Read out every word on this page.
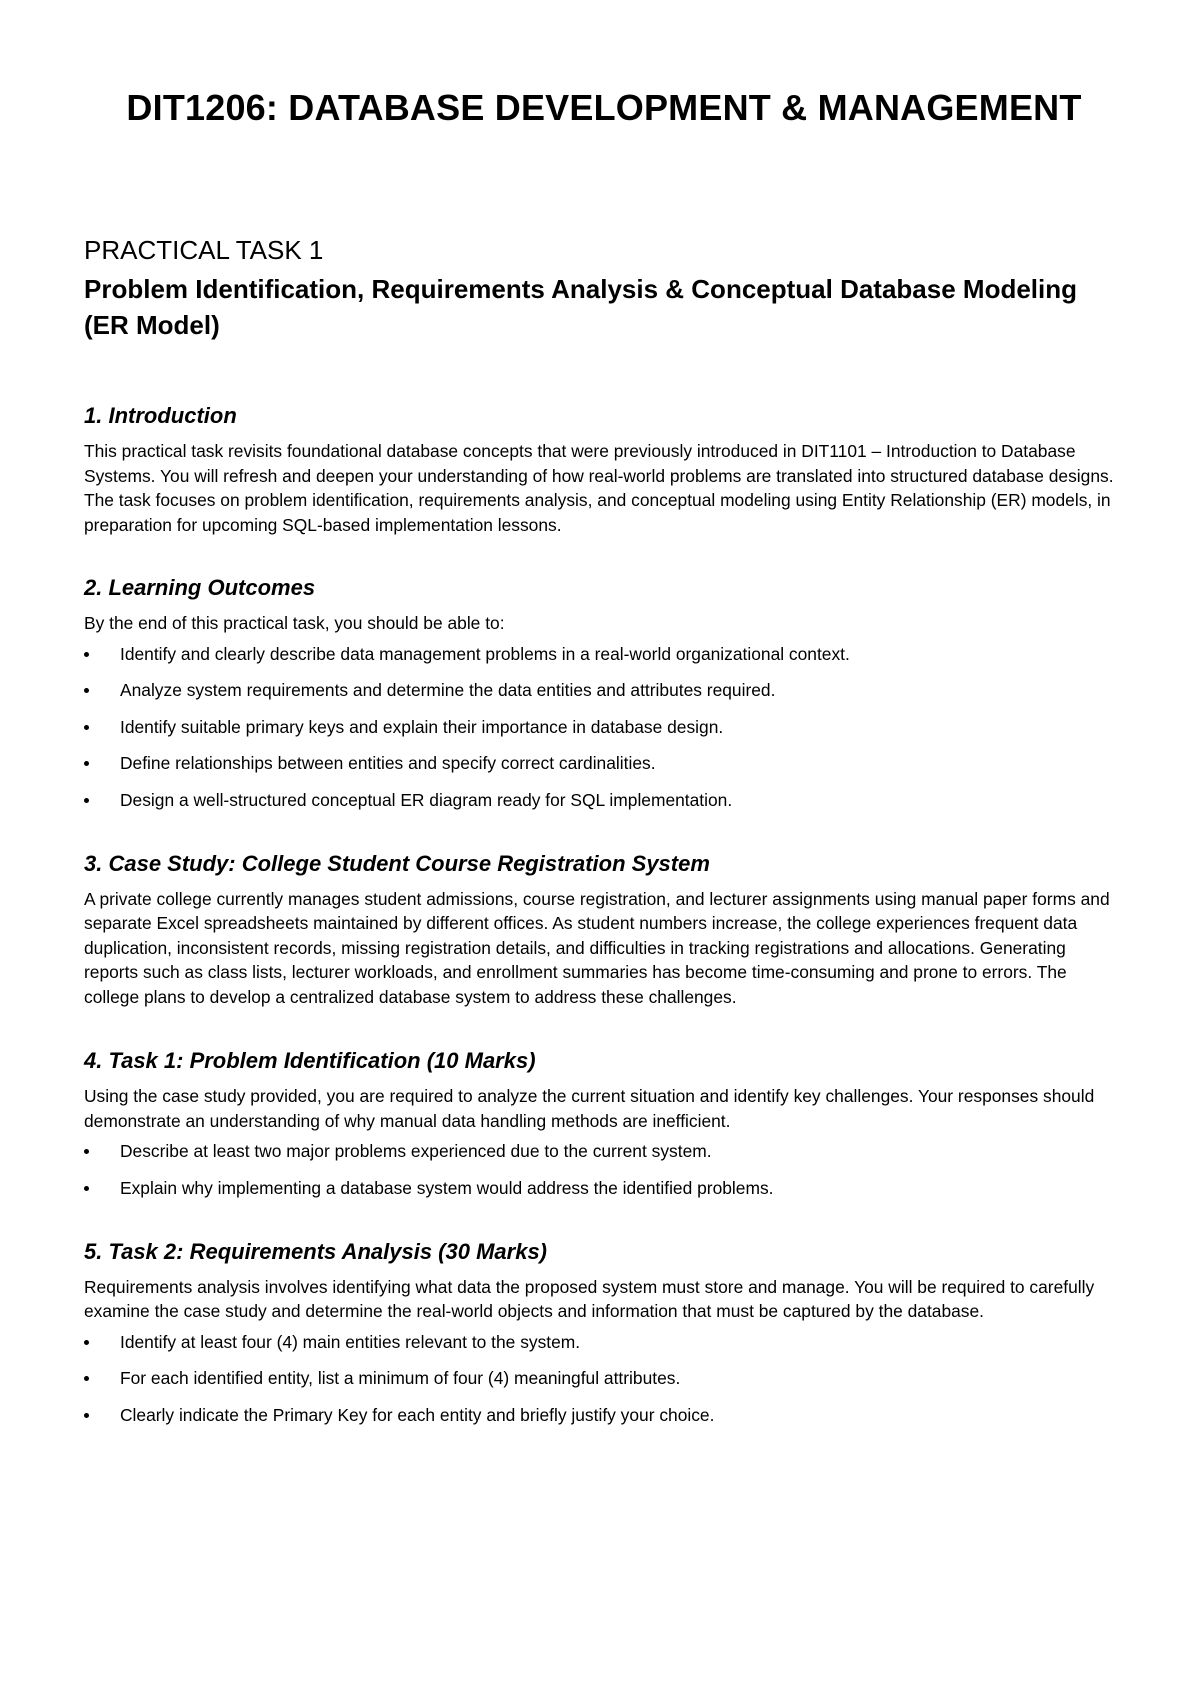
DIT1206: DATABASE DEVELOPMENT & MANAGEMENT
PRACTICAL TASK 1
Problem Identification, Requirements Analysis & Conceptual Database Modeling (ER Model)
1. Introduction

This practical task revisits foundational database concepts that were previously introduced in DIT1101 – Introduction to Database Systems. You will refresh and deepen your understanding of how real-world problems are translated into structured database designs. The task focuses on problem identification, requirements analysis, and conceptual modeling using Entity Relationship (ER) models, in preparation for upcoming SQL-based implementation lessons.

2. Learning Outcomes

By the end of this practical task, you should be able to:

Identify and clearly describe data management problems in a real-world organizational context.
Analyze system requirements and determine the data entities and attributes required.
Identify suitable primary keys and explain their importance in database design.
Define relationships between entities and specify correct cardinalities.
Design a well-structured conceptual ER diagram ready for SQL implementation.
3. Case Study: College Student Course Registration System

A private college currently manages student admissions, course registration, and lecturer assignments using manual paper forms and separate Excel spreadsheets maintained by different offices. As student numbers increase, the college experiences frequent data duplication, inconsistent records, missing registration details, and difficulties in tracking registrations and allocations. Generating reports such as class lists, lecturer workloads, and enrollment summaries has become time-consuming and prone to errors. The college plans to develop a centralized database system to address these challenges.

4. Task 1: Problem Identification (10 Marks)

Using the case study provided, you are required to analyze the current situation and identify key challenges. Your responses should demonstrate an understanding of why manual data handling methods are inefficient.

Describe at least two major problems experienced due to the current system.
Explain why implementing a database system would address the identified problems.
5. Task 2: Requirements Analysis (30 Marks)

Requirements analysis involves identifying what data the proposed system must store and manage. You will be required to carefully examine the case study and determine the real-world objects and information that must be captured by the database.

Identify at least four (4) main entities relevant to the system.
For each identified entity, list a minimum of four (4) meaningful attributes.
Clearly indicate the Primary Key for each entity and briefly justify your choice.
